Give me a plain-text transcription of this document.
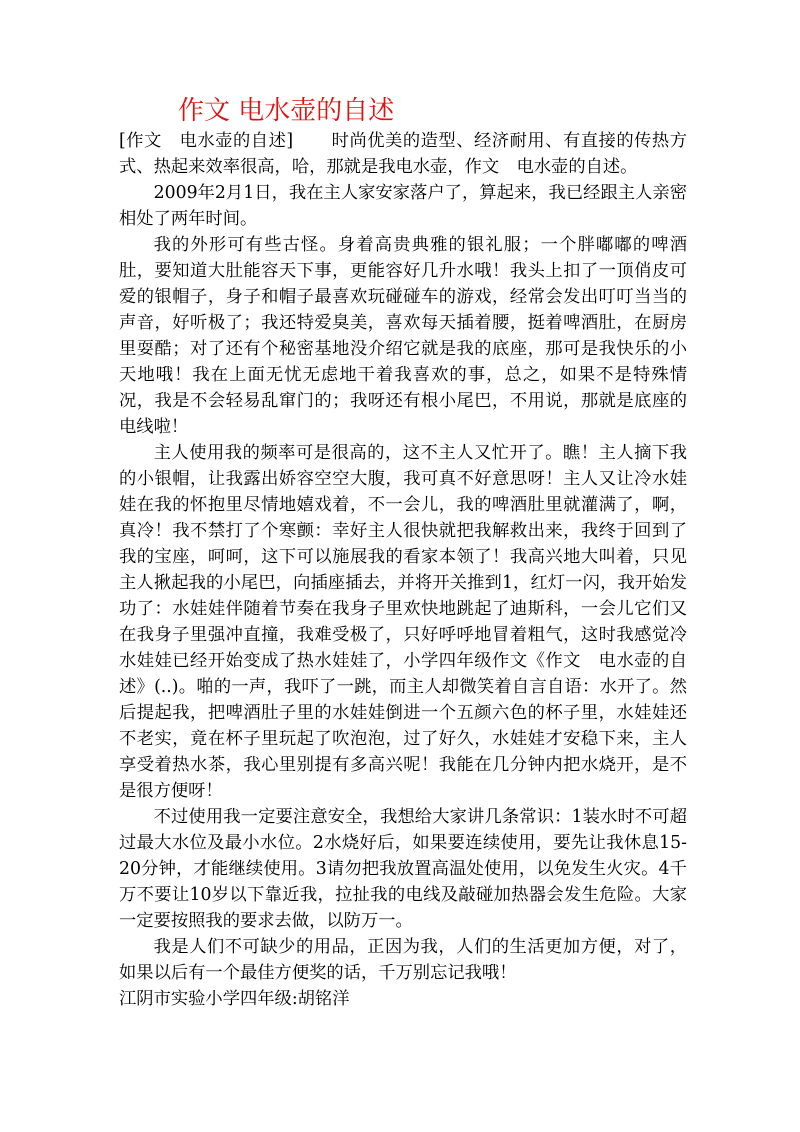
作文 电水壶的自述

[作文　电水壶的自述] 时尚优美的造型、经济耐用、有直接的传热方式、热起来效率很高，哈，那就是我电水壶，作文　电水壶的自述。

2009年2月1日，我在主人家安家落户了，算起来，我已经跟主人亲密相处了两年时间。

我的外形可有些古怪。身着高贵典雅的银礼服；一个胖嘟嘟的啤酒肚，要知道大肚能容天下事，更能容好几升水哦！我头上扣了一顶俏皮可爱的银帽子，身子和帽子最喜欢玩碰碰车的游戏，经常会发出叮叮当当的声音，好听极了；我还特爱臭美，喜欢每天插着腰，挺着啤酒肚，在厨房里耍酷；对了还有个秘密基地没介绍它就是我的底座，那可是我快乐的小天地哦！我在上面无忧无虑地干着我喜欢的事，总之，如果不是特殊情况，我是不会轻易乱窜门的；我呀还有根小尾巴，不用说，那就是底座的电线啦！

主人使用我的频率可是很高的，这不主人又忙开了。瞧！主人摘下我的小银帽，让我露出娇容空空大腹，我可真不好意思呀！主人又让冷水娃娃在我的怀抱里尽情地嬉戏着，不一会儿，我的啤酒肚里就灌满了，啊，真冷！我不禁打了个寒颤：幸好主人很快就把我解救出来，我终于回到了我的宝座，呵呵，这下可以施展我的看家本领了！我高兴地大叫着，只见主人揪起我的小尾巴，向插座插去，并将开关推到1，红灯一闪，我开始发功了：水娃娃伴随着节奏在我身子里欢快地跳起了迪斯科，一会儿它们又在我身子里强冲直撞，我难受极了，只好呼呼地冒着粗气，这时我感觉冷水娃娃已经开始变成了热水娃娃了，小学四年级作文《作文　电水壶的自述》(..)。啪的一声，我吓了一跳，而主人却微笑着自言自语：水开了。然后提起我，把啤酒肚子里的水娃娃倒进一个五颜六色的杯子里，水娃娃还不老实，竟在杯子里玩起了吹泡泡，过了好久，水娃娃才安稳下来，主人享受着热水茶，我心里别提有多高兴呢！我能在几分钟内把水烧开，是不是很方便呀！

不过使用我一定要注意安全，我想给大家讲几条常识：1装水时不可超过最大水位及最小水位。2水烧好后，如果要连续使用，要先让我休息15-20分钟，才能继续使用。3请勿把我放置高温处使用，以免发生火灾。4千万不要让10岁以下靠近我，拉扯我的电线及敲碰加热器会发生危险。大家一定要按照我的要求去做，以防万一。

我是人们不可缺少的用品，正因为我，人们的生活更加方便，对了，如果以后有一个最佳方便奖的话，千万别忘记我哦！

江阴市实验小学四年级:胡铭洋
